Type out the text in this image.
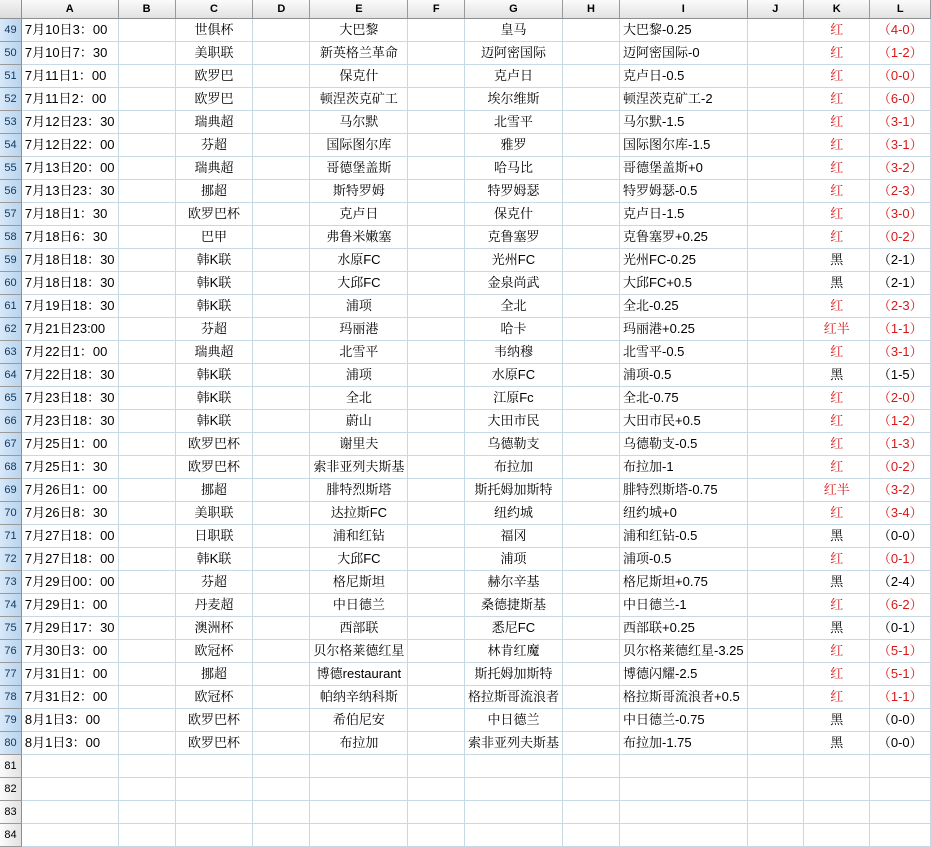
	A	B	C	D	E	F	G	H	I	J	K	L
49	7月10日3：00		世俱杯		大巴黎		皇马		大巴黎-0.25		红	（4-0）
50	7月10日7：30		美职联		新英格兰革命		迈阿密国际		迈阿密国际-0		红	（1-2）
51	7月11日1：00		欧罗巴		保克什		克卢日		克卢日-0.5		红	（0-0）
52	7月11日2：00		欧罗巴		顿涅茨克矿工		埃尔维斯		顿涅茨克矿工-2		红	（6-0）
53	7月12日23：30		瑞典超		马尔默		北雪平		马尔默-1.5		红	（3-1）
54	7月12日22：00		芬超		国际图尔库		雅罗		国际图尔库-1.5		红	（3-1）
55	7月13日20：00		瑞典超		哥德堡盖斯		哈马比		哥德堡盖斯+0		红	（3-2）
56	7月13日23：30		挪超		斯特罗姆		特罗姆瑟		特罗姆瑟-0.5		红	（2-3）
57	7月18日1：30		欧罗巴杯		克卢日		保克什		克卢日-1.5		红	（3-0）
58	7月18日6：30		巴甲		弗鲁米嫩塞		克鲁塞罗		克鲁塞罗+0.25		红	（0-2）
59	7月18日18：30		韩K联		水原FC		光州FC		光州FC-0.25		黑	（2-1）
60	7月18日18：30		韩K联		大邱FC		金泉尚武		大邱FC+0.5		黑	（2-1）
61	7月19日18：30		韩K联		浦项		全北		全北-0.25		红	（2-3）
62	7月21日23:00		芬超		玛丽港		哈卡		玛丽港+0.25		红半	（1-1）
63	7月22日1：00		瑞典超		北雪平		韦纳穆		北雪平-0.5		红	（3-1）
64	7月22日18：30		韩K联		浦项		水原FC		浦项-0.5		黑	（1-5）
65	7月23日18：30		韩K联		全北		江原Fc		全北-0.75		红	（2-0）
66	7月23日18：30		韩K联		蔚山		大田市民		大田市民+0.5		红	（1-2）
67	7月25日1：00		欧罗巴杯		谢里夫		乌德勒支		乌德勒支-0.5		红	（1-3）
68	7月25日1：30		欧罗巴杯		索非亚列夫斯基		布拉加		布拉加-1		红	（0-2）
69	7月26日1：00		挪超		腓特烈斯塔		斯托姆加斯特		腓特烈斯塔-0.75		红半	（3-2）
70	7月26日8：30		美职联		达拉斯FC		纽约城		纽约城+0		红	（3-4）
71	7月27日18：00		日职联		浦和红钻		福冈		浦和红钻-0.5		黑	（0-0）
72	7月27日18：00		韩K联		大邱FC		浦项		浦项-0.5		红	（0-1）
73	7月29日00：00		芬超		格尼斯坦		赫尔辛基		格尼斯坦+0.75		黑	（2-4）
74	7月29日1：00		丹麦超		中日德兰		桑德捷斯基		中日德兰-1		红	（6-2）
75	7月29日17：30		澳洲杯		西部联		悉尼FC		西部联+0.25		黑	（0-1）
76	7月30日3：00		欧冠杯		贝尔格莱德红星		林肯红魔		贝尔格莱德红星-3.25		红	（5-1）
77	7月31日1：00		挪超		博德restaurant		斯托姆加斯特		博德闪耀-2.5		红	（5-1）
78	7月31日2：00		欧冠杯		帕纳辛纳科斯		格拉斯哥流浪者		格拉斯哥流浪者+0.5		红	（1-1）
79	8月1日3：00		欧罗巴杯		希伯尼安		中日德兰		中日德兰-0.75		黑	（0-0）
80	8月1日3：00		欧罗巴杯		布拉加		索非亚列夫斯基		布拉加-1.75		黑	（0-0）
81												
82												
83												
84												
